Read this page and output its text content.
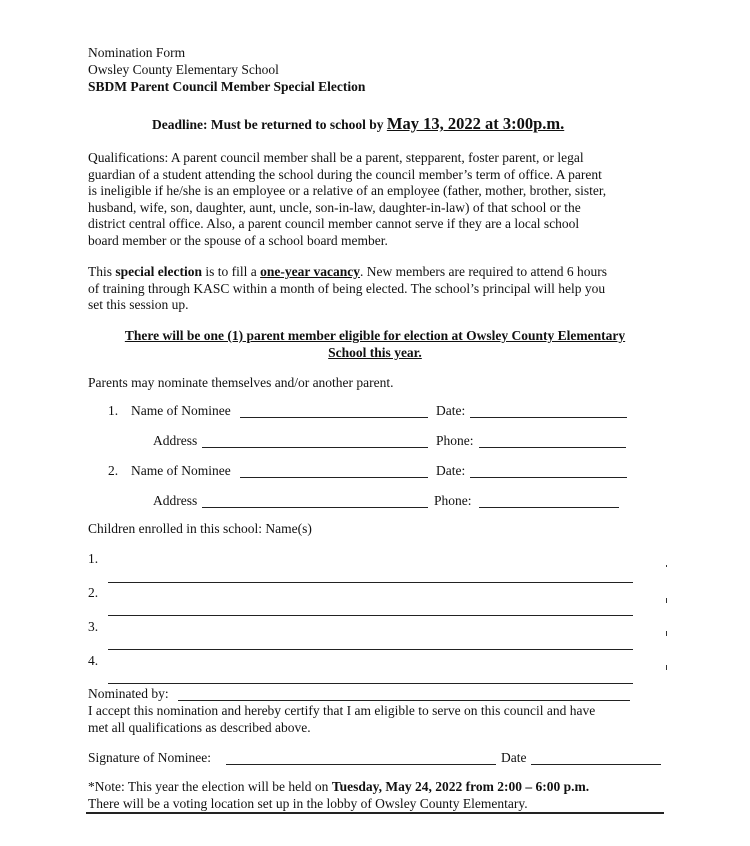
Nomination Form
Owsley County Elementary School
SBDM Parent Council Member Special Election
Deadline: Must be returned to school by May 13, 2022 at 3:00p.m.
Qualifications: A parent council member shall be a parent, stepparent, foster parent, or legal
guardian of a student attending the school during the council member’s term of office. A parent
is ineligible if he/she is an employee or a relative of an employee (father, mother, brother, sister,
husband, wife, son, daughter, aunt, uncle, son-in-law, daughter-in-law) of that school or the
district central office. Also, a parent council member cannot serve if they are a local school
board member or the spouse of a school board member.
This special election is to fill a one-year vacancy. New members are required to attend 6 hours
of training through KASC within a month of being elected. The school’s principal will help you
set this session up.
There will be one (1) parent member eligible for election at Owsley County Elementary
School this year.
Parents may nominate themselves and/or another parent.
1. Name of Nominee	Date:
Address	Phone:
2. Name of Nominee	Date:
Address	Phone:
Children enrolled in this school: Name(s)
1.
2.
3.
4.
Nominated by:
I accept this nomination and hereby certify that I am eligible to serve on this council and have
met all qualifications as described above.
Signature of Nominee:	Date
*Note: This year the election will be held on Tuesday, May 24, 2022 from 2:00 – 6:00 p.m.
There will be a voting location set up in the lobby of Owsley County Elementary.
